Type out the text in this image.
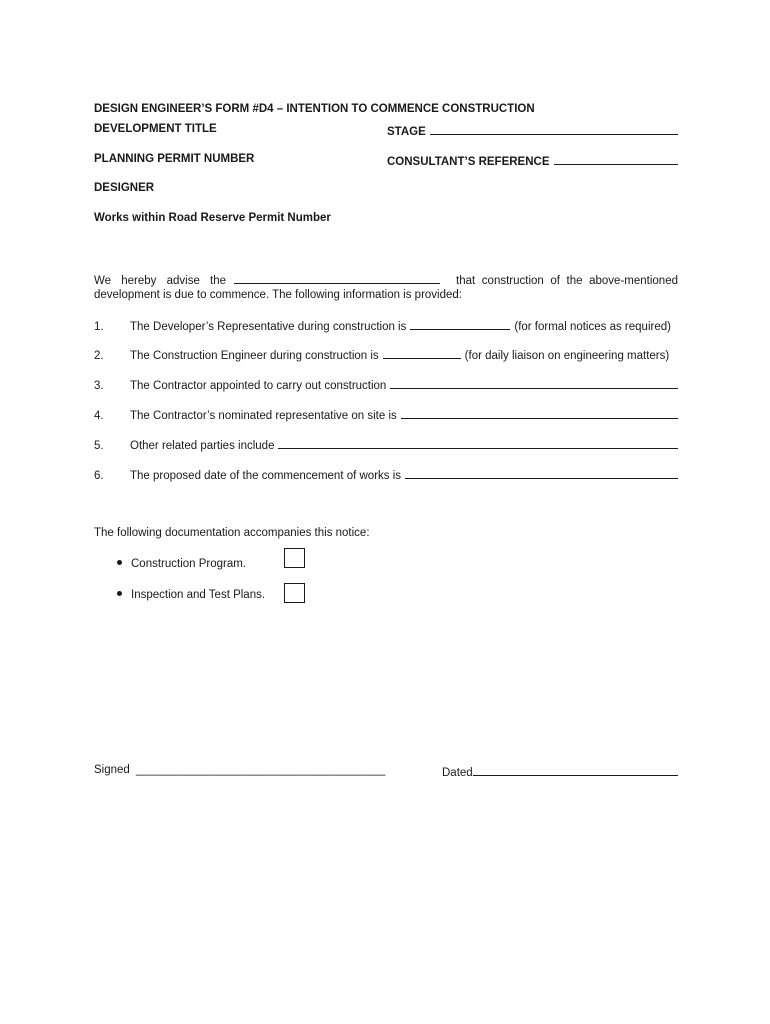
DESIGN ENGINEER’S FORM #D4 – INTENTION TO COMMENCE CONSTRUCTION
DEVELOPMENT TITLE	STAGE
PLANNING PERMIT NUMBER	CONSULTANT’S REFERENCE
DESIGNER
Works within Road Reserve Permit Number
We hereby advise the	that construction of the above-mentioned
development is due to commence. The following information is provided:
1.	The Developer’s Representative during construction is	(for formal notices as required)
2.	The Construction Engineer during construction is	(for daily liaison on engineering matters)
3.	The Contractor appointed to carry out construction
4.	The Contractor’s nominated representative on site is
5.	Other related parties include
6.	The proposed date of the commencement of works is
The following documentation accompanies this notice:
Construction Program.
Inspection and Test Plans.
Signed _______________________________________	Dated
